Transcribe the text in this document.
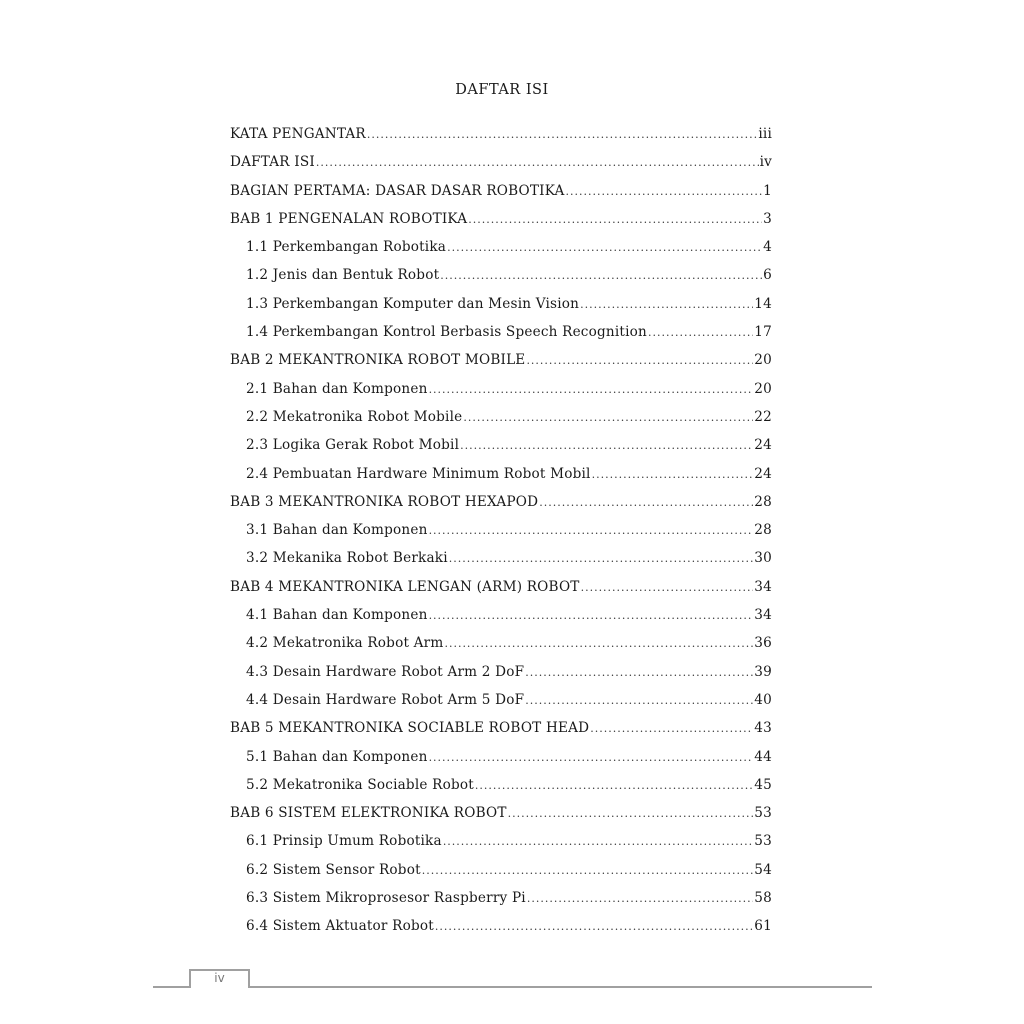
DAFTAR ISI
KATA PENGANTAR .....	iii
DAFTAR ISI .....	iv
BAGIAN PERTAMA: DASAR DASAR ROBOTIKA .....	1
BAB 1 PENGENALAN ROBOTIKA .....	3
1.1 Perkembangan Robotika .....	4
1.2 Jenis dan Bentuk Robot .....	6
1.3 Perkembangan Komputer dan Mesin Vision .....	14
1.4 Perkembangan Kontrol Berbasis Speech Recognition .....	17
BAB 2 MEKANTRONIKA ROBOT MOBILE .....	20
2.1 Bahan dan Komponen .....	20
2.2 Mekatronika Robot Mobile .....	22
2.3 Logika Gerak Robot Mobil .....	24
2.4 Pembuatan Hardware Minimum Robot Mobil .....	24
BAB 3 MEKANTRONIKA ROBOT HEXAPOD .....	28
3.1 Bahan dan Komponen .....	28
3.2 Mekanika Robot Berkaki .....	30
BAB 4 MEKANTRONIKA LENGAN (ARM) ROBOT .....	34
4.1 Bahan dan Komponen .....	34
4.2 Mekatronika Robot Arm .....	36
4.3 Desain Hardware Robot Arm 2 DoF .....	39
4.4 Desain Hardware Robot Arm 5 DoF .....	40
BAB 5 MEKANTRONIKA SOCIABLE ROBOT HEAD .....	43
5.1 Bahan dan Komponen .....	44
5.2 Mekatronika Sociable Robot .....	45
BAB 6 SISTEM ELEKTRONIKA ROBOT .....	53
6.1 Prinsip Umum Robotika .....	53
6.2 Sistem Sensor Robot .....	54
6.3 Sistem Mikroprosesor Raspberry Pi .....	58
6.4 Sistem Aktuator Robot .....	61
iv
